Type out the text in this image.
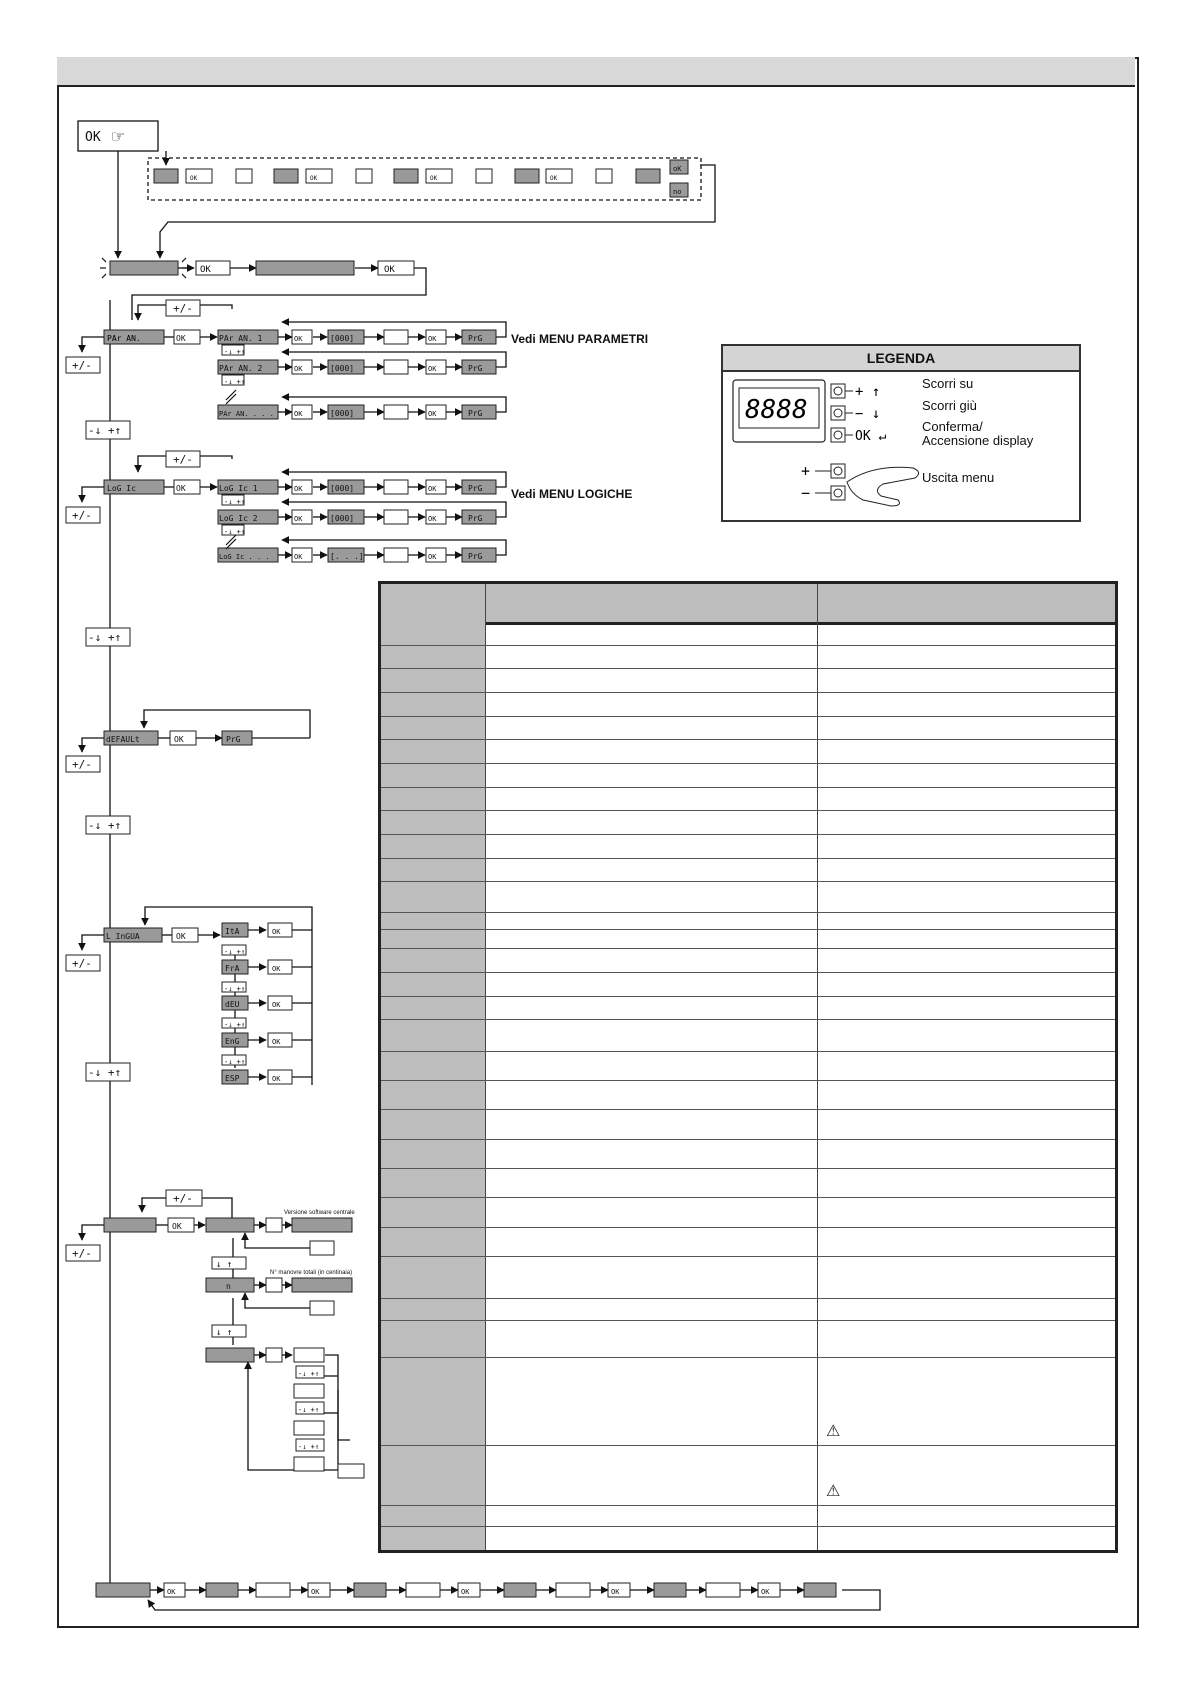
OK ☞
OK	OK
OK
OK
+/-
+/-
-↓ +↑
+/-
+/-
-↓ +↑
+/-
-↓ +↑
+/-
-↓ +↑
+/-
+/-
PAr AN.	PAr AN. 1
PAr AN. 2
PAr AN. . . .
[000]
[000]
[000]
OK
OK
OK
OK
OK
OK
PrG
PrG
PrG
LoG Ic	LoG Ic 1
LoG Ic 2
LoG Ic . . .
[000]
[000]
[. . .]
OK
OK
OK
OK
OK
OK
PrG
PrG
PrG
dEFAULt	OK	PrG
L InGUA	OK
ItA
FrA
dEU
EnG
ESP
OK
OK
OK
OK
OK
-↓ +↑
-↓ +↑
-↓ +↑
-↓ +↑
-↓ +↑
-↓ +↑
-↓ +↑
-↓ +↑
OK
n
↓ ↑
↓ ↑
-↓ +↑
-↓ +↑
-↓ +↑
Versione software centrale
N° manovre totali (in centinaia)
oK
no
OK	OK	OK	OK
OK	OK	OK	OK	OK
Vedi MENU PARAMETRI
Vedi MENU LOGICHE
LEGENDA
8888
+ ↑
− ↓
OK ↵
+
−
Scorri su
Scorri giù
Conferma/
Accensione display
Uscita menu
⚠
⚠
